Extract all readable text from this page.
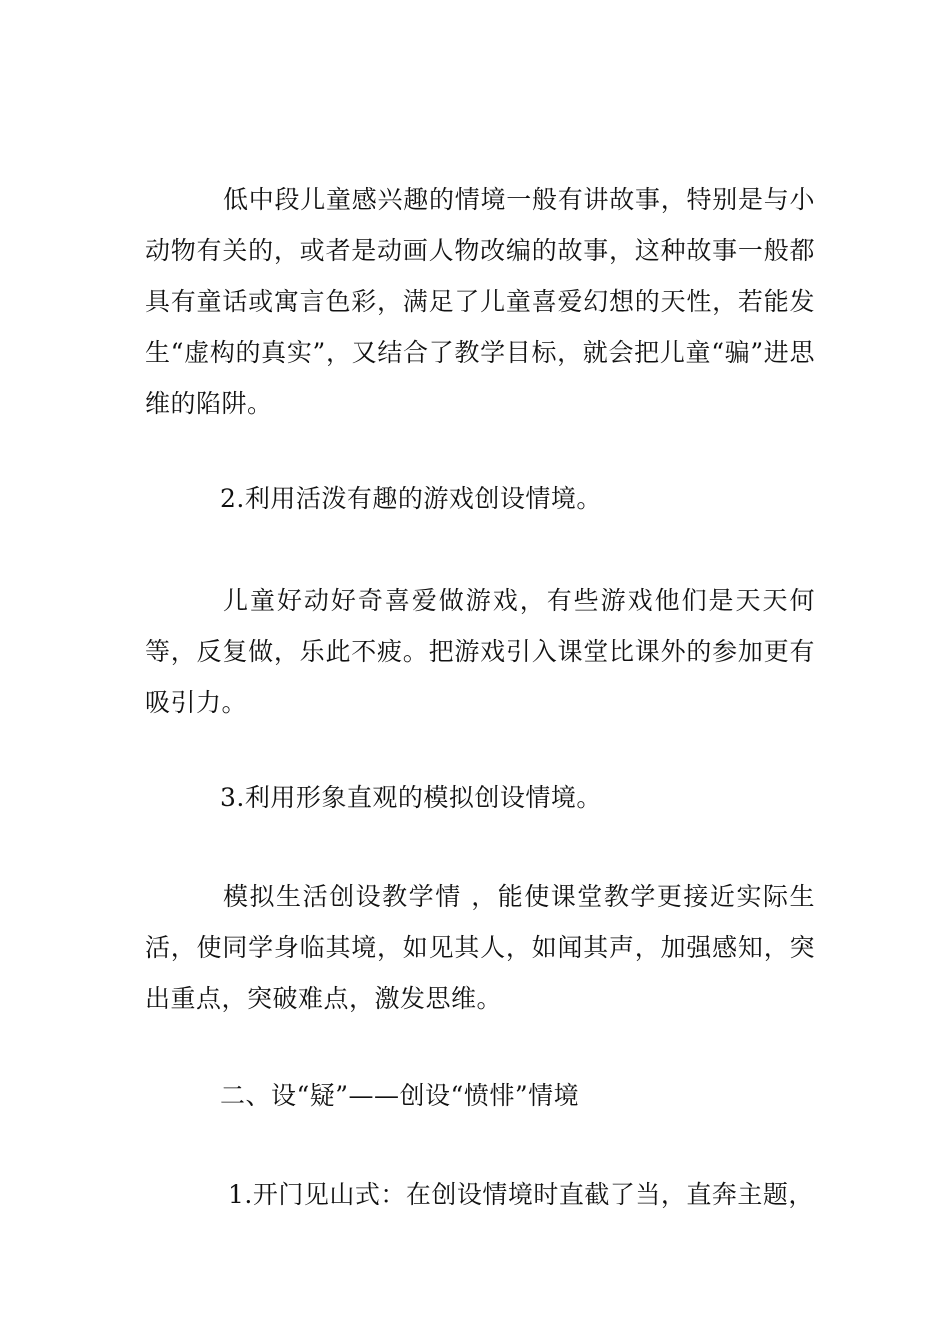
低中段儿童感兴趣的情境一般有讲故事，特别是与小动物有关的，或者是动画人物改编的故事，这种故事一般都具有童话或寓言色彩，满足了儿童喜爱幻想的天性，若能发生“虚构的真实”，又结合了教学目标，就会把儿童“骗”进思维的陷阱。

2.利用活泼有趣的游戏创设情境。

儿童好动好奇喜爱做游戏，有些游戏他们是天天何等，反复做，乐此不疲。把游戏引入课堂比课外的参加更有吸引力。

3.利用形象直观的模拟创设情境。

模拟生活创设教学情 ，能使课堂教学更接近实际生活，使同学身临其境，如见其人，如闻其声，加强感知，突出重点，突破难点，激发思维。

二、设“疑”——创设“愤悱”情境

1.开门见山式：在创设情境时直截了当，直奔主题，
